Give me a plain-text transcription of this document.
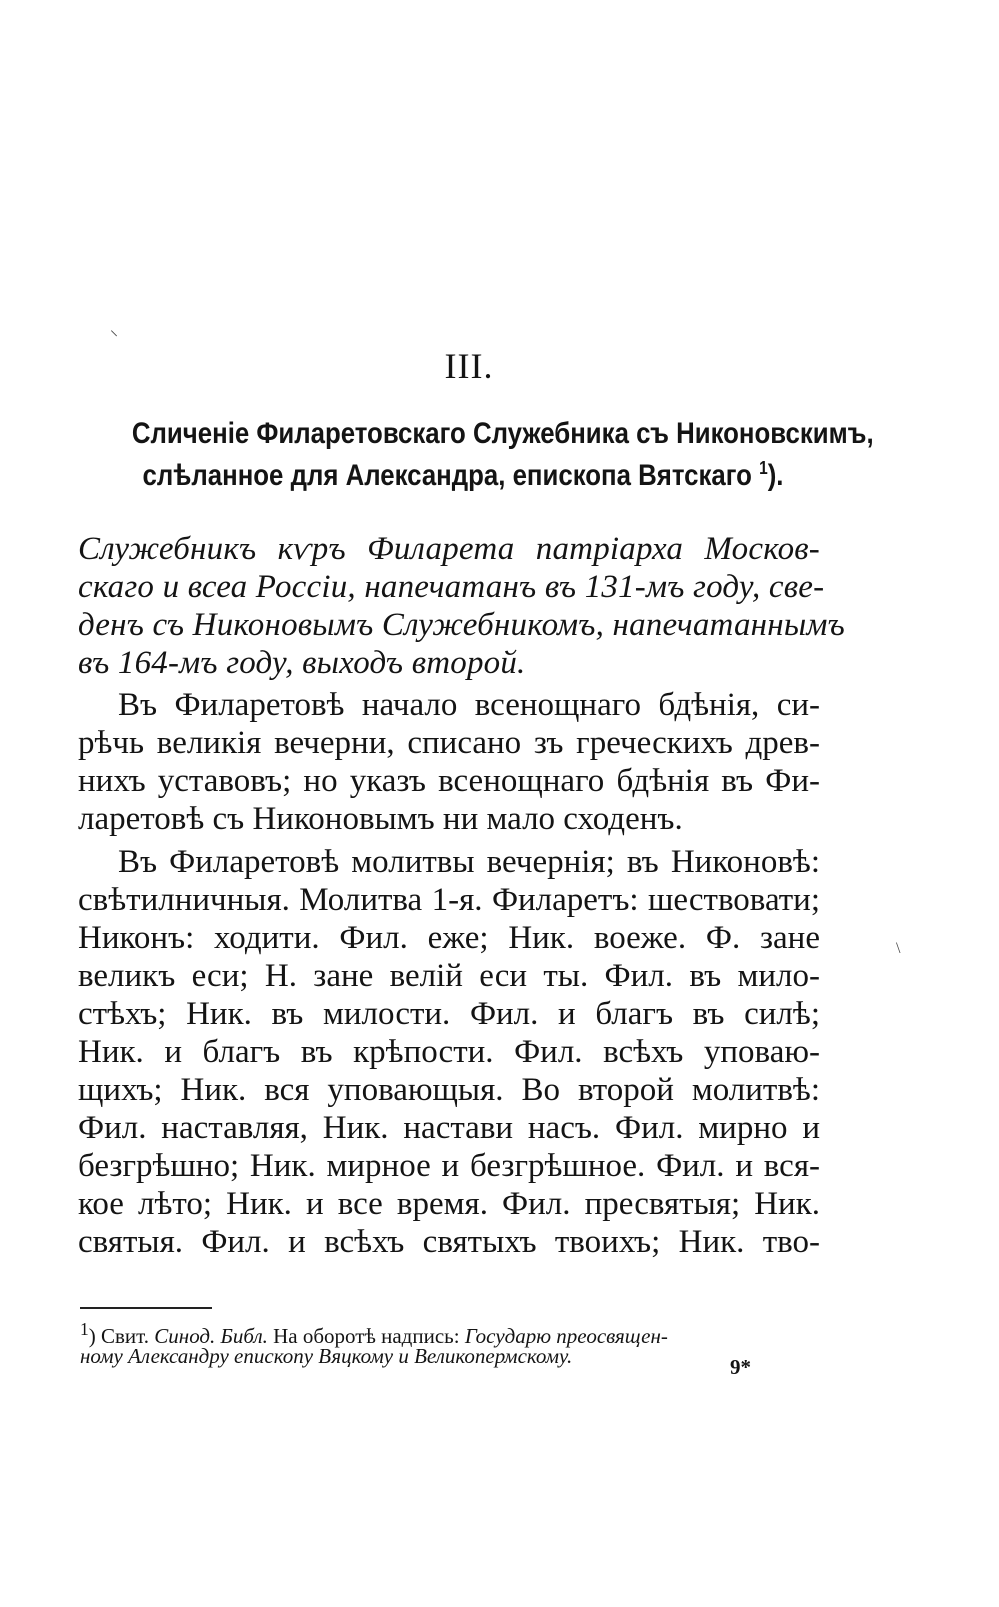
⸜
\
III.
Сличеніе Филаретовскаго Служебника съ Никоновскимъ,
слѣланное для Александра, епископа Вятскаго $^1$).
Служебникъ кѵръ Филарета патріарха Москов-
скаго и всеа Россіи, напечатанъ въ 131-мъ году, све-
денъ съ Никоновымъ Служебникомъ, напечатаннымъ
въ 164-мъ году, выходъ второй.
Въ Филаретовѣ начало всенощнаго бдѣнія, си-
рѣчь великія вечерни, списано зъ греческихъ древ-
нихъ уставовъ; но указъ всенощнаго бдѣнія въ Фи-
ларетовѣ съ Никоновымъ ни мало сходенъ.
Въ Филаретовѣ молитвы вечернія; въ Никоновѣ:
свѣтилничныя. Молитва 1-я. Филаретъ: шествовати;
Никонъ: ходити. Фил. еже; Ник. воеже. Ф. зане
великъ еси; Н. зане велій еси ты. Фил. въ мило-
стѣхъ; Ник. въ милости. Фил. и благъ въ силѣ;
Ник. и благъ въ крѣпости. Фил. всѣхъ уповаю-
щихъ; Ник. вся уповающыя. Во второй молитвѣ:
Фил. наставляя, Ник. настави насъ. Фил. мирно и
безгрѣшно; Ник. мирное и безгрѣшное. Фил. и вся-
кое лѣто; Ник. и все время. Фил. пресвятыя; Ник.
святыя. Фил. и всѣхъ святыхъ твоихъ; Ник. тво-
$^1$) Свит. Синод. Библ. На оборотѣ надпись: Государю преосвящен-
ному Александру епископу Вяцкому и Великопермскому.	9*
